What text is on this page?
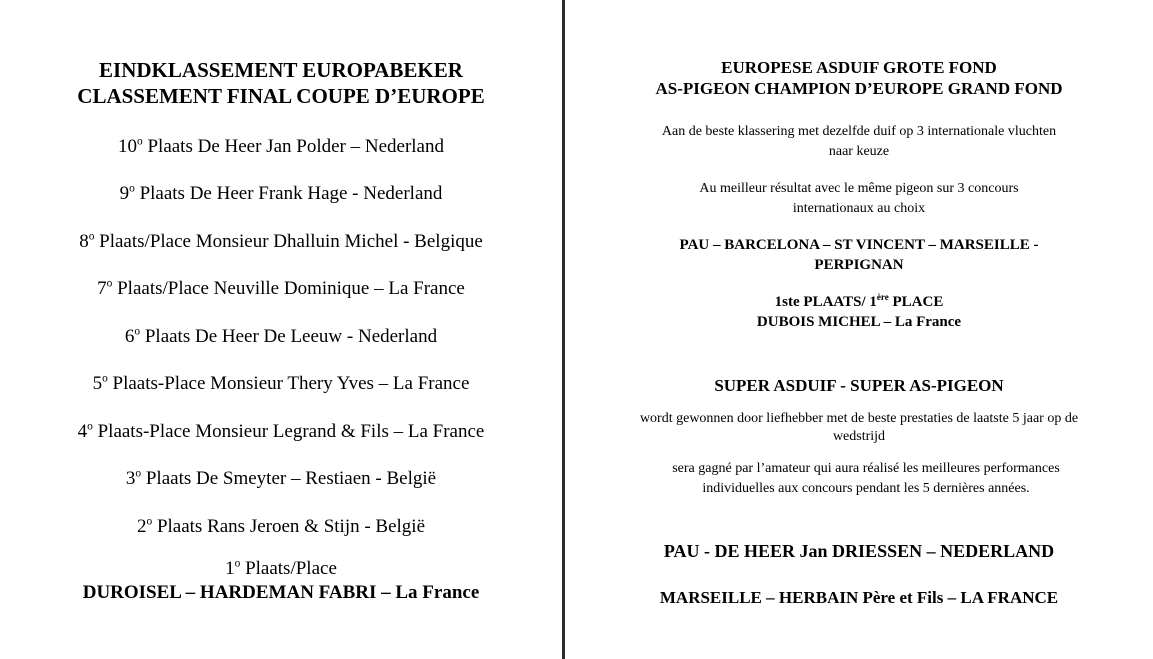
EINDKLASSEMENT EUROPABEKER
CLASSEMENT FINAL COUPE D’EUROPE
10$^o$ Plaats De Heer Jan Polder – Nederland
9$^o$ Plaats De Heer Frank Hage - Nederland
8$^o$ Plaats/Place Monsieur Dhalluin Michel - Belgique
7$^o$ Plaats/Place Neuville Dominique – La France
6$^o$ Plaats De Heer De Leeuw - Nederland
5$^o$ Plaats-Place Monsieur Thery Yves – La France
4$^o$ Plaats-Place Monsieur Legrand & Fils – La France
3$^o$ Plaats De Smeyter – Restiaen - België
2$^o$ Plaats Rans Jeroen & Stijn - België
1$^o$ Plaats/Place
DUROISEL – HARDEMAN FABRI – La France
EUROPESE ASDUIF GROTE FOND
AS-PIGEON CHAMPION D’EUROPE GRAND FOND
Aan de beste klassering met dezelfde duif op 3 internationale vluchten
naar keuze
Au meilleur résultat avec le même pigeon sur 3 concours
internationaux au choix
PAU – BARCELONA – ST VINCENT – MARSEILLE -
PERPIGNAN
1ste PLAATS/ 1ère PLACE
DUBOIS MICHEL – La France
SUPER ASDUIF - SUPER AS-PIGEON
wordt gewonnen door liefhebber met de beste prestaties de laatste 5 jaar op de
wedstrijd
sera gagné par l’amateur qui aura réalisé les meilleures performances
individuelles aux concours pendant les 5 dernières années.
PAU - DE HEER Jan DRIESSEN – NEDERLAND
MARSEILLE – HERBAIN Père et Fils – LA FRANCE
